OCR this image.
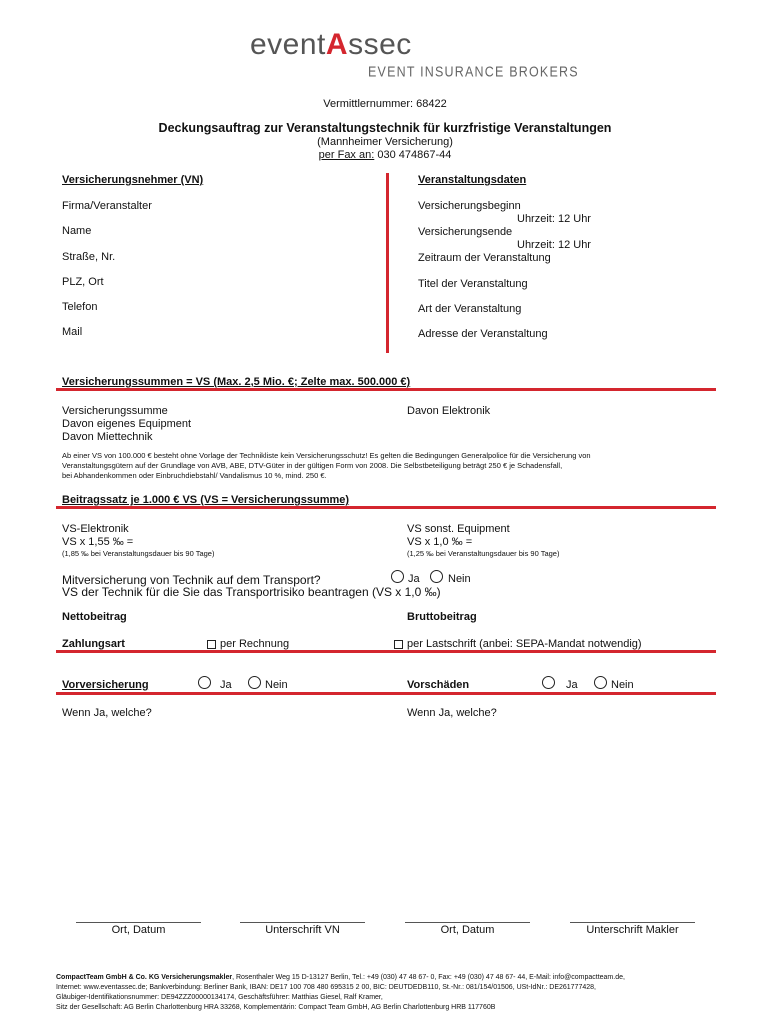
eventAssec
EVENT INSURANCE BROKERS
Vermittlernummer: 68422
Deckungsauftrag zur Veranstaltungstechnik für kurzfristige Veranstaltungen
(Mannheimer Versicherung)
per Fax an: 030 474867-44
Versicherungsnehmer (VN)
Firma/Veranstalter
Name
Straße, Nr.
PLZ, Ort
Telefon
Mail
Veranstaltungsdaten
Versicherungsbeginn
Uhrzeit: 12 Uhr
Versicherungsende
Uhrzeit: 12 Uhr
Zeitraum der Veranstaltung
Titel der Veranstaltung
Art der Veranstaltung
Adresse der Veranstaltung
Versicherungssummen = VS (Max. 2,5 Mio. €; Zelte max. 500.000 €)
Versicherungssumme
Davon eigenes Equipment
Davon Miettechnik
Davon Elektronik
Ab einer VS von 100.000 € besteht ohne Vorlage der Technikliste kein Versicherungsschutz! Es gelten die Bedingungen Generalpolice für die Versicherung von
Veranstaltungsgütern auf der Grundlage von AVB, ABE, DTV-Güter in der gültigen Form von 2008. Die Selbstbeteiligung beträgt 250 € je Schadensfall,
bei Abhandenkommen oder Einbruchdiebstahl/ Vandalismus 10 %, mind. 250 €.
Beitragssatz je 1.000 € VS (VS = Versicherungssumme)
VS-Elektronik
VS x 1,55 ‰ =
(1,85 ‰ bei Veranstaltungsdauer bis 90 Tage)
VS sonst. Equipment
VS x 1,0 ‰ =
(1,25 ‰ bei Veranstaltungsdauer bis 90 Tage)
Mitversicherung von Technik auf dem Transport?	Ja	Nein
VS der Technik für die Sie das Transportrisiko beantragen (VS x 1,0 ‰)
Nettobeitrag	Bruttobeitrag
Zahlungsart	per Rechnung	per Lastschrift (anbei: SEPA-Mandat notwendig)
Vorversicherung	Ja	Nein	Vorschäden	Ja	Nein
Wenn Ja, welche?	Wenn Ja, welche?
Ort, Datum	Unterschrift VN	Ort, Datum	Unterschrift Makler
CompactTeam GmbH & Co. KG Versicherungsmakler, Rosenthaler Weg 15 D-13127 Berlin, Tel.: +49 (030) 47 48 67- 0, Fax: +49 (030) 47 48 67- 44, E-Mail: info@compactteam.de,
Internet: www.eventassec.de; Bankverbindung: Berliner Bank, IBAN: DE17 100 708 480 695315 2 00, BIC: DEUTDEDB110, St.-Nr.: 081/154/01506, USt-IdNr.: DE261777428,
Gläubiger-Identifikationsnummer: DE94ZZZ00000134174, Geschäftsführer: Matthias Giesel, Ralf Kramer,
Sitz der Gesellschaft: AG Berlin Charlottenburg HRA 33268, Komplementärin: Compact Team GmbH, AG Berlin Charlottenburg HRB 117760B
